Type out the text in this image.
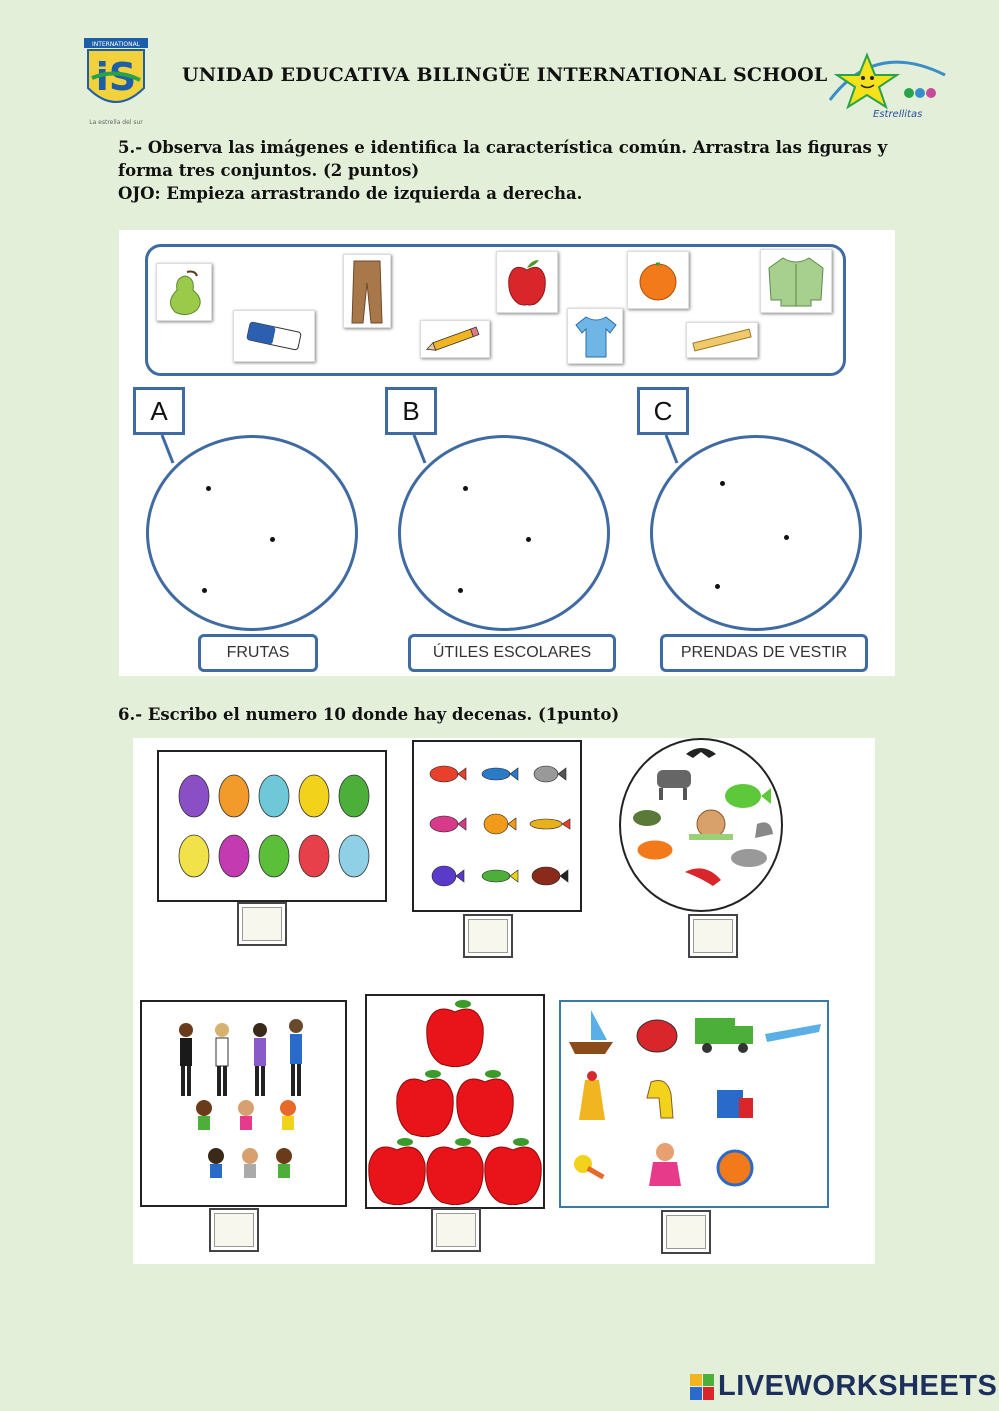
INTERNATIONAL
iS
La estrella del sur
UNIDAD EDUCATIVA BILINGÜE INTERNATIONAL SCHOOL
Estrellitas
5.- Observa las imágenes e identifica la característica común. Arrastra las figuras y forma tres conjuntos. (2 puntos)
OJO: Empieza arrastrando de izquierda a derecha.
A
FRUTAS
B
ÚTILES ESCOLARES
C
PRENDAS DE VESTIR
6.- Escribo el numero 10 donde hay decenas. (1punto)
LIVEWORKSHEETS
